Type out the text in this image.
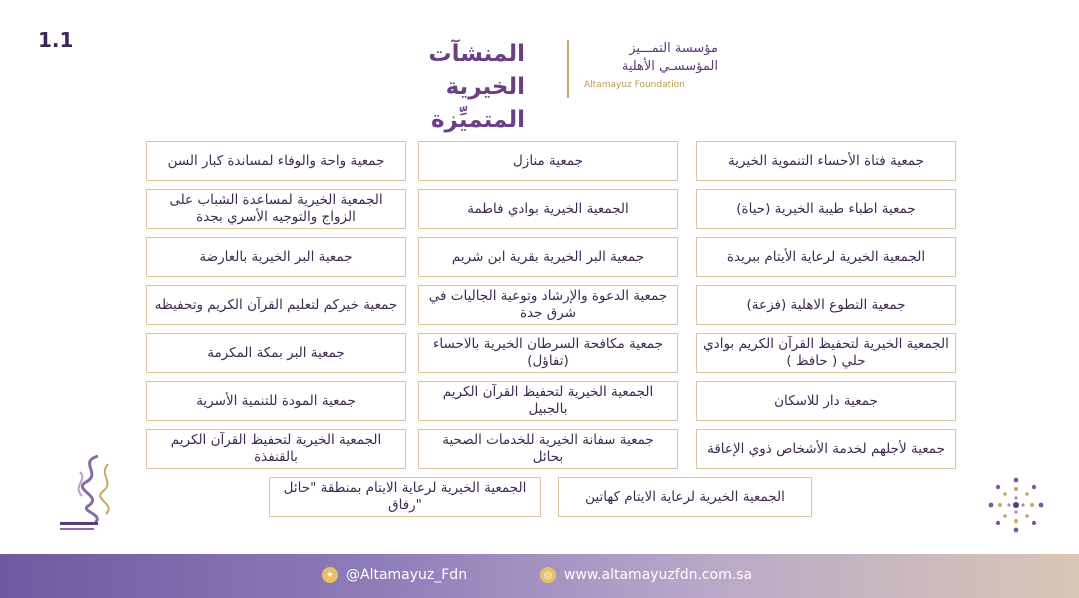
1.1
المنشآت الخيرية
المتميِّزة
مؤسسة التمـــيز
المؤسسـي الأهلية
Altamayuz Foundation
جمعية فتاة الأحساء التنموية الخيرية
جمعية منازل
جمعية واحة والوفاء لمساندة كبار السن
جمعية اطباء طيبة الخيرية (حياة)
الجمعية الخيرية بوادي فاطمة
الجمعية الخيرية لمساعدة الشباب على الزواج والتوجيه الأسري بجدة
الجمعية الخيرية لرعاية الأيتام ببريدة
جمعية البر الخيرية بقرية ابن شريم
جمعية البر الخيرية بالعارضة
جمعية التطوع الاهلية (فزعة)
جمعية الدعوة والإرشاد وتوعية الجاليات في شرق جدة
جمعية خيركم لتعليم القرآن الكريم وتحفيظه
الجمعية الخيرية لتحفيظ القرآن الكريم بوادي حلي ( حافظ )
جمعية مكافحة السرطان الخيرية بالاحساء (تفاؤل)
جمعية البر بمكة المكرمة
جمعية دار للاسكان
الجمعية الخيرية لتحفيظ القرآن الكريم بالجبيل
جمعية المودة للتنمية الأسرية
جمعية لأجلهم لخدمة الأشخاص ذوي الإعاقة
جمعية سفانة الخيرية للخدمات الصحية بحائل
الجمعية الخيرية لتحفيظ القرآن الكريم بالقنفذة
الجمعية الخيرية لرعاية الايتام كهاتين
الجمعية الخيرية لرعاية الايتام بمنطقة "حائل "رفاق
✦ @Altamayuz_Fdn	◎ www.altamayuzfdn.com.sa
